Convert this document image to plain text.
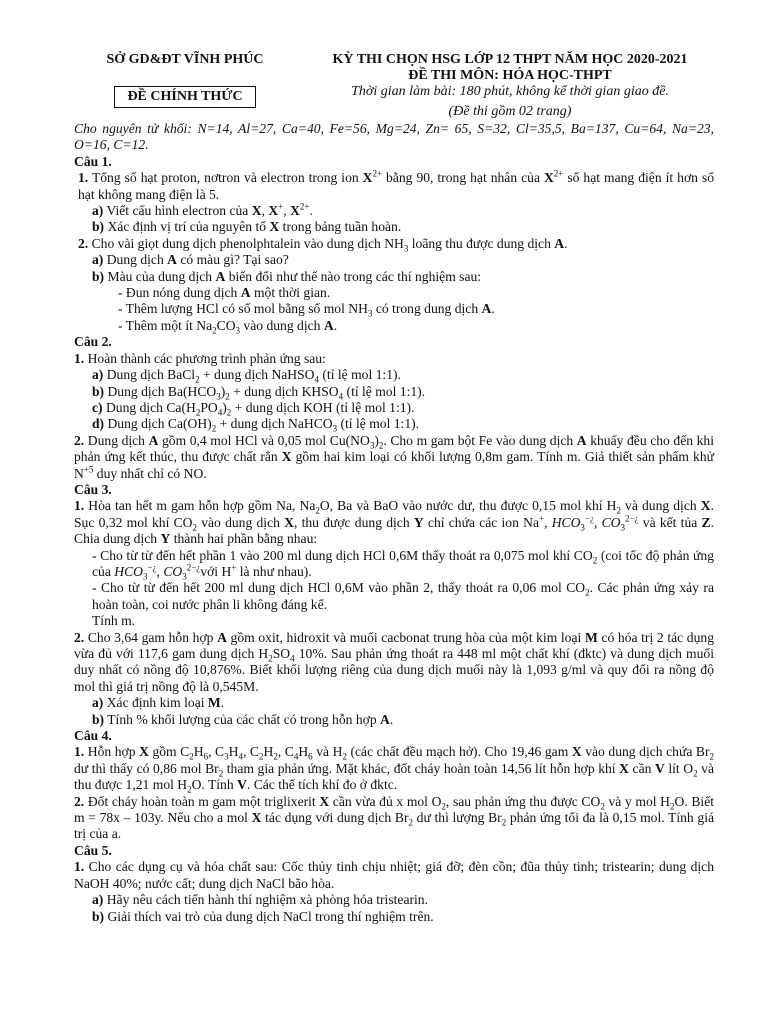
SỞ GD&ĐT VĨNH PHÚC
ĐỀ CHÍNH THỨC
KỲ THI CHỌN HSG LỚP 12 THPT NĂM HỌC 2020-2021
ĐỀ THI MÔN: HÓA HỌC-THPT
Thời gian làm bài: 180 phút, không kể thời gian giao đề.
(Đề thi gồm 02 trang)

Cho nguyên tử khối: N=14, Al=27, Ca=40, Fe=56, Mg=24, Zn= 65, S=32, Cl=35,5, Ba=137, Cu=64, Na=23, O=16, C=12.

Câu 1.

1. Tổng số hạt proton, nơtron và electron trong ion $X^{2+}$ bằng 90, trong hạt nhân của $X^{2+}$ số hạt mang điện ít hơn số hạt không mang điện là 5.

a) Viết cấu hình electron của X, X+, $X^{2+}$.

b) Xác định vị trí của nguyên tố X trong bảng tuần hoàn.

2. Cho vài giọt dung dịch phenolphtalein vào dung dịch $NH_3$ loãng thu được dung dịch A.

a) Dung dịch A có màu gì? Tại sao?

b) Màu của dung dịch A biến đổi như thế nào trong các thí nghiệm sau:

- Đun nóng dung dịch A một thời gian.

- Thêm lượng HCl có số mol bằng số mol $NH_3$ có trong dung dịch A.

- Thêm một ít $Na_2CO_3$ vào dung dịch A.

Câu 2.

1. Hoàn thành các phương trình phản ứng sau:

a) Dung dịch BaCl$_2$ + dung dịch NaHSO$_4$ (tỉ lệ mol 1:1).

b) Dung dịch $Ba(HCO_3)_2$ + dung dịch $KHSO_4$ (tỉ lệ mol 1:1).

c) Dung dịch $Ca(H_2PO_4)_2$ + dung dịch KOH (tỉ lệ mol 1:1).

d) Dung dịch $Ca(OH)_2$ + dung dịch NaHCO$_3$ (tỉ lệ mol 1:1).

2. Dung dịch A gồm 0,4 mol HCl và 0,05 mol $Cu(NO_3)_2$. Cho m gam bột Fe vào dung dịch A khuấy đều cho đến khi phản ứng kết thúc, thu được chất rắn X gồm hai kim loại có khối lượng 0,8m gam. Tính m. Giả thiết sản phẩm khử $N^{+5}$ duy nhất chỉ có NO.

Câu 3.

1. Hòa tan hết m gam hỗn hợp gồm Na, $Na_2O$, Ba và BaO vào nước dư, thu được 0,15 mol khí $H_2$ và dung dịch X. Sục 0,32 mol khí $CO_2$ vào dung dịch X, thu được dung dịch Y chỉ chứa các ion Na+, $HCO_3^{-¿}$, $CO_3^{2-¿}$ và kết tủa Z. Chia dung dịch Y thành hai phần bằng nhau:

- Cho từ từ đến hết phần 1 vào 200 ml dung dịch HCl 0,6M thấy thoát ra 0,075 mol khí $CO_2$ (coi tốc độ phản ứng của $HCO_3^{-¿}$, $CO_3^{2-¿}với$ H+ là như nhau).

- Cho từ từ đến hết 200 ml dung dịch HCl 0,6M vào phần 2, thấy thoát ra 0,06 mol $CO_2$. Các phản ứng xảy ra hoàn toàn, coi nước phân li không đáng kể.

Tính m.

2. Cho 3,64 gam hỗn hợp A gồm oxit, hidroxit và muối cacbonat trung hòa của một kim loại M có hóa trị 2 tác dụng vừa đủ với 117,6 gam dung dịch $H_2SO_4$ 10%. Sau phản ứng thoát ra 448 ml một chất khí (đktc) và dung dịch muối duy nhất có nồng độ 10,876%. Biết khối lượng riêng của dung dịch muối này là 1,093 g/ml và quy đổi ra nồng độ mol thì giá trị nồng độ là 0,545M.

a) Xác định kim loại M.

b) Tính % khối lượng của các chất có trong hỗn hợp A.

Câu 4.

1. Hỗn hợp X gồm $C_2H_6$, $C_3H_4$, $C_2H_2$, $C_4H_6$ và $H_2$ (các chất đều mạch hở). Cho 19,46 gam X vào dung dịch chứa $Br_2$ dư thì thấy có 0,86 mol $Br_2$ tham gia phản ứng. Mặt khác, đốt cháy hoàn toàn 14,56 lít hỗn hợp khí X cần V lít $O_2$ và thu được 1,21 mol $H_2O$. Tính V. Các thể tích khí đo ở đktc.

2. Đốt cháy hoàn toàn m gam một triglixerit X cần vừa đủ x mol $O_2$, sau phản ứng thu được $CO_2$ và y mol $H_2O$. Biết m = 78x – 103y. Nếu cho a mol X tác dụng với dung dịch $Br_2$ dư thì lượng $Br_2$ phản ứng tối đa là 0,15 mol. Tính giá trị của a.

Câu 5.

1. Cho các dụng cụ và hóa chất sau: Cốc thủy tinh chịu nhiệt; giá đỡ; đèn cồn; đũa thủy tinh; tristearin; dung dịch NaOH 40%; nước cất; dung dịch NaCl bão hòa.

a) Hãy nêu cách tiến hành thí nghiệm xà phòng hóa tristearin.

b) Giải thích vai trò của dung dịch NaCl trong thí nghiệm trên.
